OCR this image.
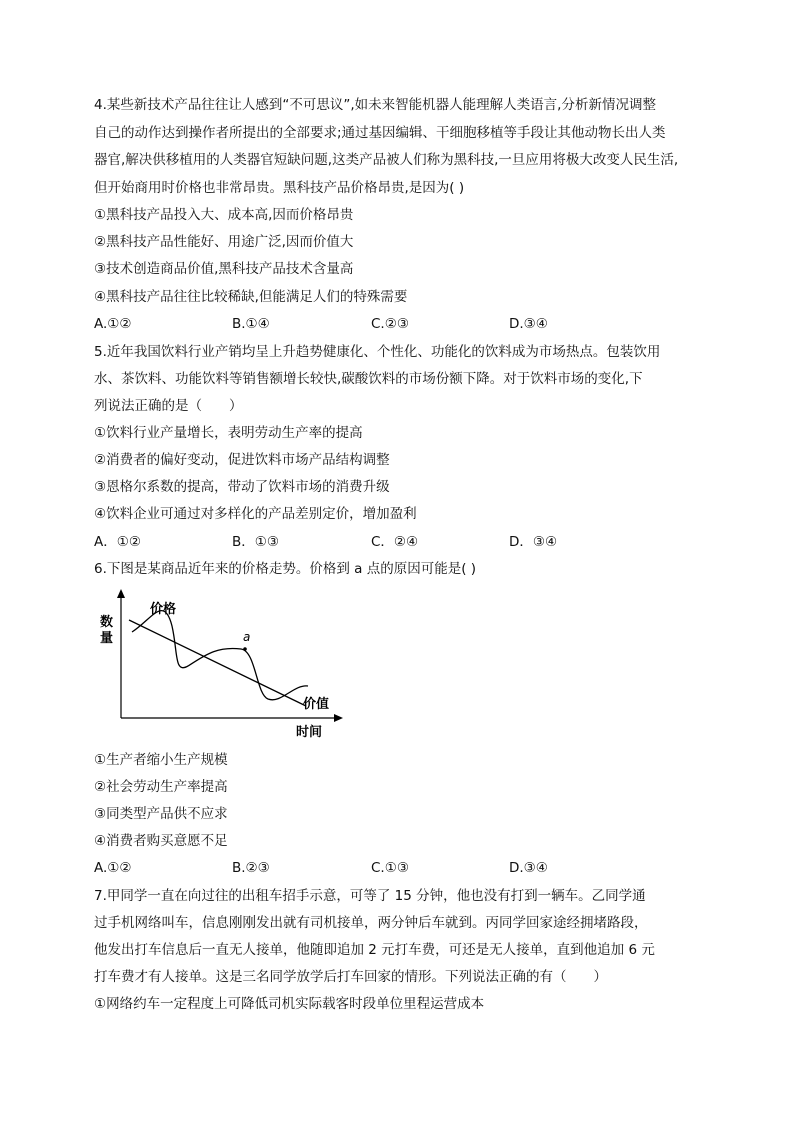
4.某些新技术产品往往让人感到“不可思议”,如未来智能机器人能理解人类语言,分析新情况调整
自己的动作达到操作者所提出的全部要求;通过基因编辑、干细胞移植等手段让其他动物长出人类
器官,解决供移植用的人类器官短缺问题,这类产品被人们称为黑科技,一旦应用将极大改变人民生活,
但开始商用时价格也非常昂贵。黑科技产品价格昂贵,是因为( )
①黑科技产品投入大、成本高,因而价格昂贵
②黑科技产品性能好、用途广泛,因而价值大
③技术创造商品价值,黑科技产品技术含量高
④黑科技产品往往比较稀缺,但能满足人们的特殊需要
A.①②	B.①④	C.②③	D.③④
5.近年我国饮料行业产销均呈上升趋势健康化、个性化、功能化的饮料成为市场热点。包装饮用
水、茶饮料、功能饮料等销售额增长较快,碳酸饮料的市场份额下降。对于饮料市场的变化,下
列说法正确的是（　　）
①饮料行业产量增长，表明劳动生产率的提高
②消费者的偏好变动，促进饮料市场产品结构调整
③恩格尔系数的提高，带动了饮料市场的消费升级
④饮料企业可通过对多样化的产品差别定价，增加盈利
A．①②	B．①③	C．②④	D．③④
6.下图是某商品近年来的价格走势。价格到 a 点的原因可能是( )
价格
a
价值
时间
数
量
①生产者缩小生产规模
②社会劳动生产率提高
③同类型产品供不应求
④消费者购买意愿不足
A.①②	B.②③	C.①③	D.③④
7.甲同学一直在向过往的出租车招手示意，可等了 15 分钟，他也没有打到一辆车。乙同学通
过手机网络叫车，信息刚刚发出就有司机接单，两分钟后车就到。丙同学回家途经拥堵路段，
他发出打车信息后一直无人接单，他随即追加 2 元打车费，可还是无人接单，直到他追加 6 元
打车费才有人接单。这是三名同学放学后打车回家的情形。下列说法正确的有（　　）
①网络约车一定程度上可降低司机实际载客时段单位里程运营成本
